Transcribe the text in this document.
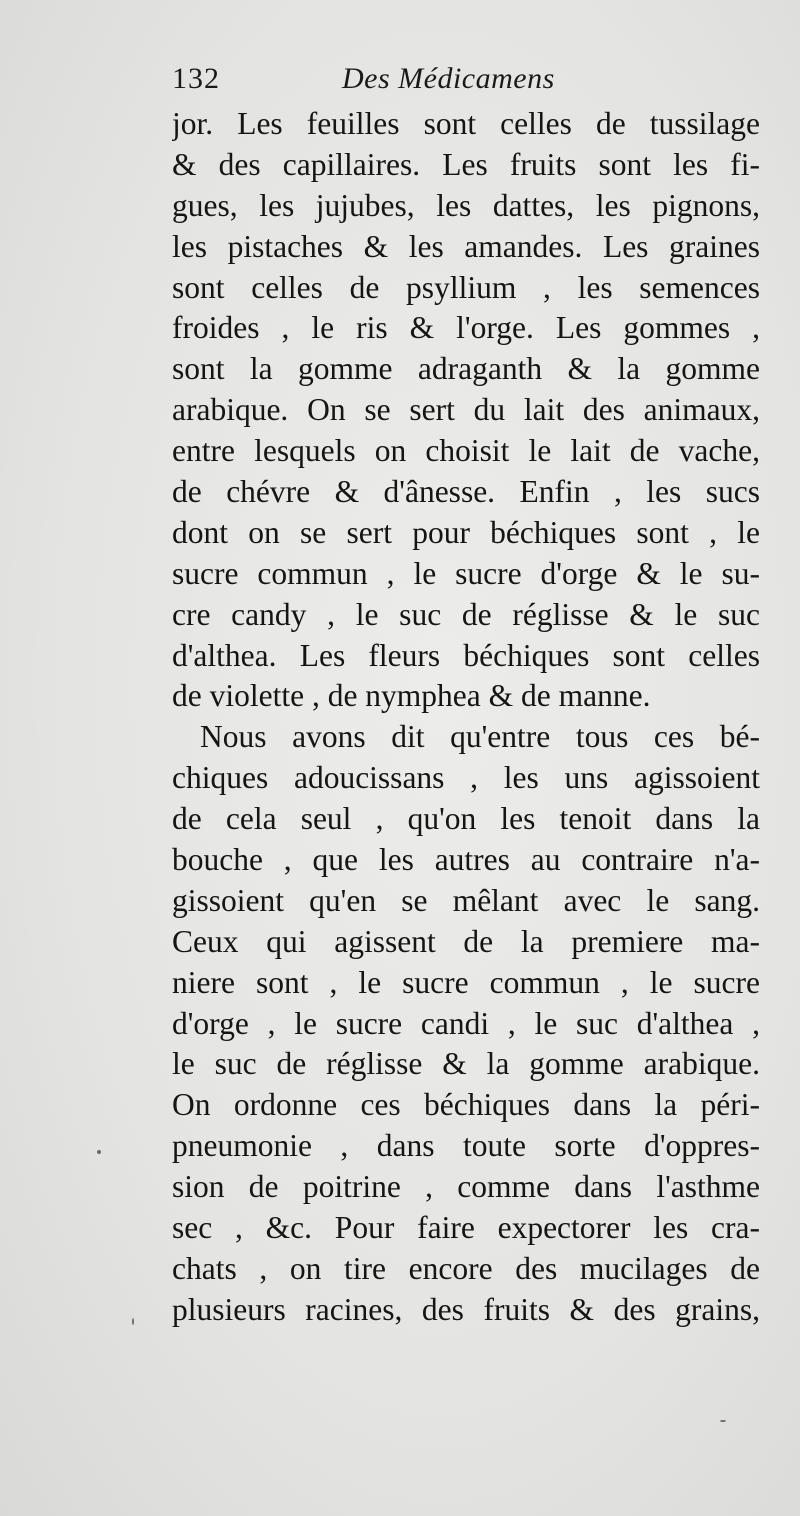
132	Des Médicamens
jor. Les feuilles sont celles de tussilage
& des capillaires. Les fruits sont les fi-
gues, les jujubes, les dattes, les pignons,
les pistaches & les amandes. Les graines
sont celles de psyllium , les semences
froides , le ris & l'orge. Les gommes ,
sont la gomme adraganth & la gomme
arabique. On se sert du lait des animaux,
entre lesquels on choisit le lait de vache,
de chévre & d'ânesse. Enfin , les sucs
dont on se sert pour béchiques sont , le
sucre commun , le sucre d'orge & le su-
cre candy , le suc de réglisse & le suc
d'althea. Les fleurs béchiques sont celles
de violette , de nymphea & de manne.
Nous avons dit qu'entre tous ces bé-
chiques adoucissans , les uns agissoient
de cela seul , qu'on les tenoit dans la
bouche , que les autres au contraire n'a-
gissoient qu'en se mêlant avec le sang.
Ceux qui agissent de la premiere ma-
niere sont , le sucre commun , le sucre
d'orge , le sucre candi , le suc d'althea ,
le suc de réglisse & la gomme arabique.
On ordonne ces béchiques dans la péri-
pneumonie , dans toute sorte d'oppres-
sion de poitrine , comme dans l'asthme
sec , &c. Pour faire expectorer les cra-
chats , on tire encore des mucilages de
plusieurs racines, des fruits & des grains,
